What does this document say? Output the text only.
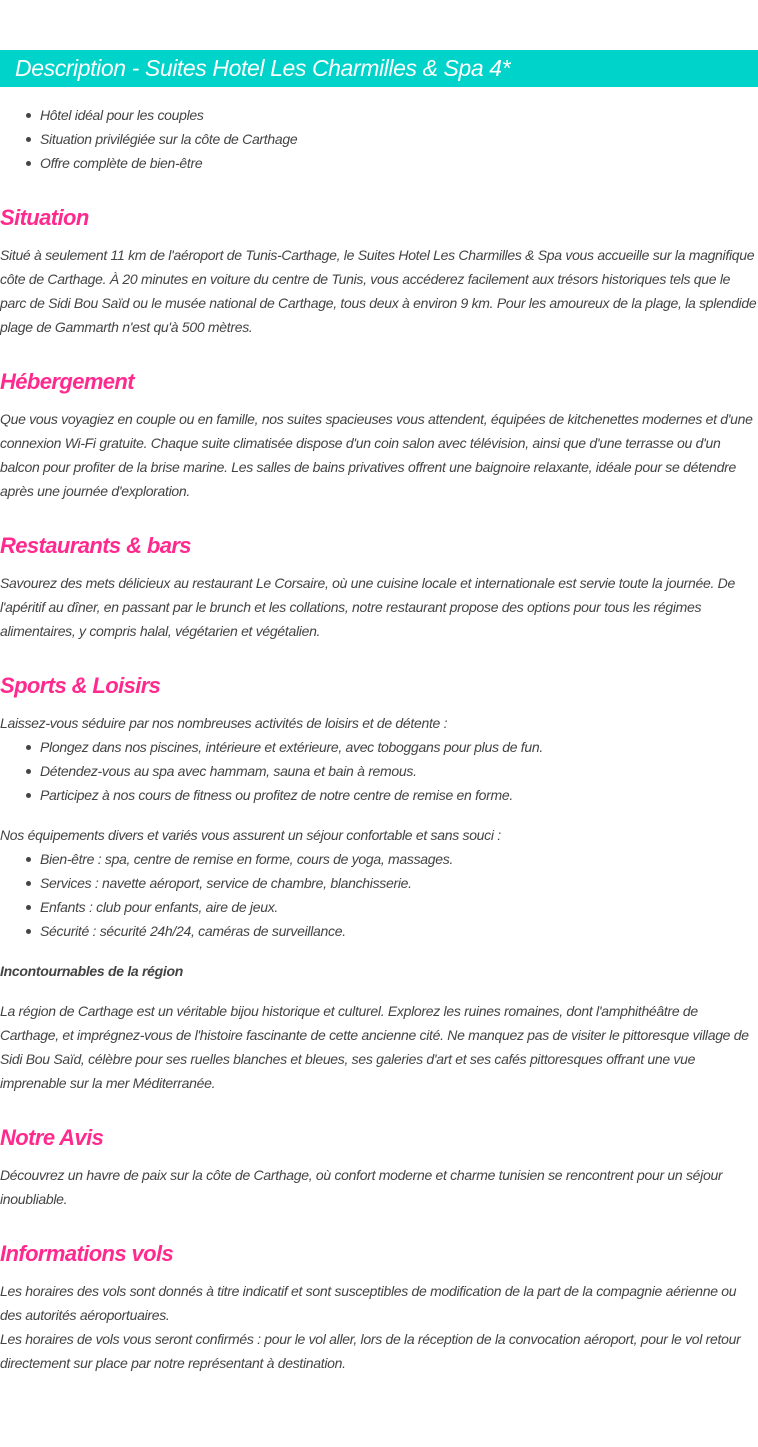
Description - Suites Hotel Les Charmilles & Spa 4*
Hôtel idéal pour les couples
Situation privilégiée sur la côte de Carthage
Offre complète de bien-être
Situation

Situé à seulement 11 km de l'aéroport de Tunis-Carthage, le Suites Hotel Les Charmilles & Spa vous accueille sur la magnifique côte de Carthage. À 20 minutes en voiture du centre de Tunis, vous accéderez facilement aux trésors historiques tels que le parc de Sidi Bou Saïd ou le musée national de Carthage, tous deux à environ 9 km. Pour les amoureux de la plage, la splendide plage de Gammarth n'est qu'à 500 mètres.

Hébergement

Que vous voyagiez en couple ou en famille, nos suites spacieuses vous attendent, équipées de kitchenettes modernes et d'une connexion Wi-Fi gratuite. Chaque suite climatisée dispose d'un coin salon avec télévision, ainsi que d'une terrasse ou d'un balcon pour profiter de la brise marine. Les salles de bains privatives offrent une baignoire relaxante, idéale pour se détendre après une journée d'exploration.

Restaurants & bars

Savourez des mets délicieux au restaurant Le Corsaire, où une cuisine locale et internationale est servie toute la journée. De l'apéritif au dîner, en passant par le brunch et les collations, notre restaurant propose des options pour tous les régimes alimentaires, y compris halal, végétarien et végétalien.

Sports & Loisirs

Laissez-vous séduire par nos nombreuses activités de loisirs et de détente :

Plongez dans nos piscines, intérieure et extérieure, avec toboggans pour plus de fun.
Détendez-vous au spa avec hammam, sauna et bain à remous.
Participez à nos cours de fitness ou profitez de notre centre de remise en forme.

Nos équipements divers et variés vous assurent un séjour confortable et sans souci :

Bien-être : spa, centre de remise en forme, cours de yoga, massages.
Services : navette aéroport, service de chambre, blanchisserie.
Enfants : club pour enfants, aire de jeux.
Sécurité : sécurité 24h/24, caméras de surveillance.

Incontournables de la région

La région de Carthage est un véritable bijou historique et culturel. Explorez les ruines romaines, dont l'amphithéâtre de Carthage, et imprégnez-vous de l'histoire fascinante de cette ancienne cité. Ne manquez pas de visiter le pittoresque village de Sidi Bou Saïd, célèbre pour ses ruelles blanches et bleues, ses galeries d'art et ses cafés pittoresques offrant une vue imprenable sur la mer Méditerranée.

Notre Avis

Découvrez un havre de paix sur la côte de Carthage, où confort moderne et charme tunisien se rencontrent pour un séjour inoubliable.

Informations vols

Les horaires des vols sont donnés à titre indicatif et sont susceptibles de modification de la part de la compagnie aérienne ou des autorités aéroportuaires.

Les horaires de vols vous seront confirmés : pour le vol aller, lors de la réception de la convocation aéroport, pour le vol retour directement sur place par notre représentant à destination.
